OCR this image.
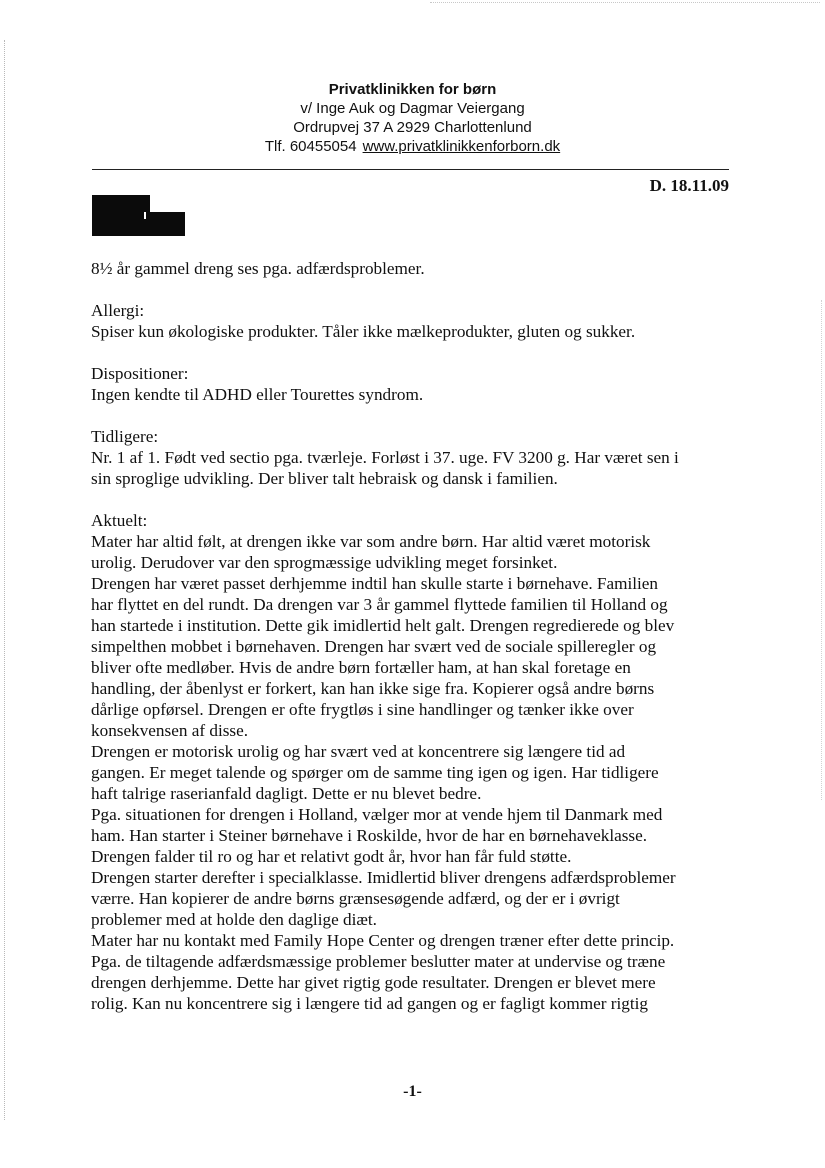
Privatklinikken for børn
v/ Inge Auk og Dagmar Veiergang
Ordrupvej 37 A 2929 Charlottenlund
Tlf. 60455054 www.privatklinikkenforborn.dk
D. 18.11.09

8½ år gammel dreng ses pga. adfærdsproblemer.

Allergi:

Spiser kun økologiske produkter. Tåler ikke mælkeprodukter, gluten og sukker.

Dispositioner:

Ingen kendte til ADHD eller Tourettes syndrom.

Tidligere:

Nr. 1 af 1. Født ved sectio pga. tværleje. Forløst i 37. uge. FV 3200 g. Har været sen i

sin sproglige udvikling. Der bliver talt hebraisk og dansk i familien.

Aktuelt:

Mater har altid følt, at drengen ikke var som andre børn. Har altid været motorisk

urolig. Derudover var den sprogmæssige udvikling meget forsinket.

Drengen har været passet derhjemme indtil han skulle starte i børnehave. Familien

har flyttet en del rundt. Da drengen var 3 år gammel flyttede familien til Holland og

han startede i institution. Dette gik imidlertid helt galt. Drengen regredierede og blev

simpelthen mobbet i børnehaven. Drengen har svært ved de sociale spilleregler og

bliver ofte medløber. Hvis de andre børn fortæller ham, at han skal foretage en

handling, der åbenlyst er forkert, kan han ikke sige fra. Kopierer også andre børns

dårlige opførsel. Drengen er ofte frygtløs i sine handlinger og tænker ikke over

konsekvensen af disse.

Drengen er motorisk urolig og har svært ved at koncentrere sig længere tid ad

gangen. Er meget talende og spørger om de samme ting igen og igen. Har tidligere

haft talrige raserianfald dagligt. Dette er nu blevet bedre.

Pga. situationen for drengen i Holland, vælger mor at vende hjem til Danmark med

ham. Han starter i Steiner børnehave i Roskilde, hvor de har en børnehaveklasse.

Drengen falder til ro og har et relativt godt år, hvor han får fuld støtte.

Drengen starter derefter i specialklasse. Imidlertid bliver drengens adfærdsproblemer

værre. Han kopierer de andre børns grænsesøgende adfærd, og der er i øvrigt

problemer med at holde den daglige diæt.

Mater har nu kontakt med Family Hope Center og drengen træner efter dette princip.

Pga. de tiltagende adfærdsmæssige problemer beslutter mater at undervise og træne

drengen derhjemme. Dette har givet rigtig gode resultater. Drengen er blevet mere

rolig. Kan nu koncentrere sig i længere tid ad gangen og er fagligt kommer rigtig

-1-
